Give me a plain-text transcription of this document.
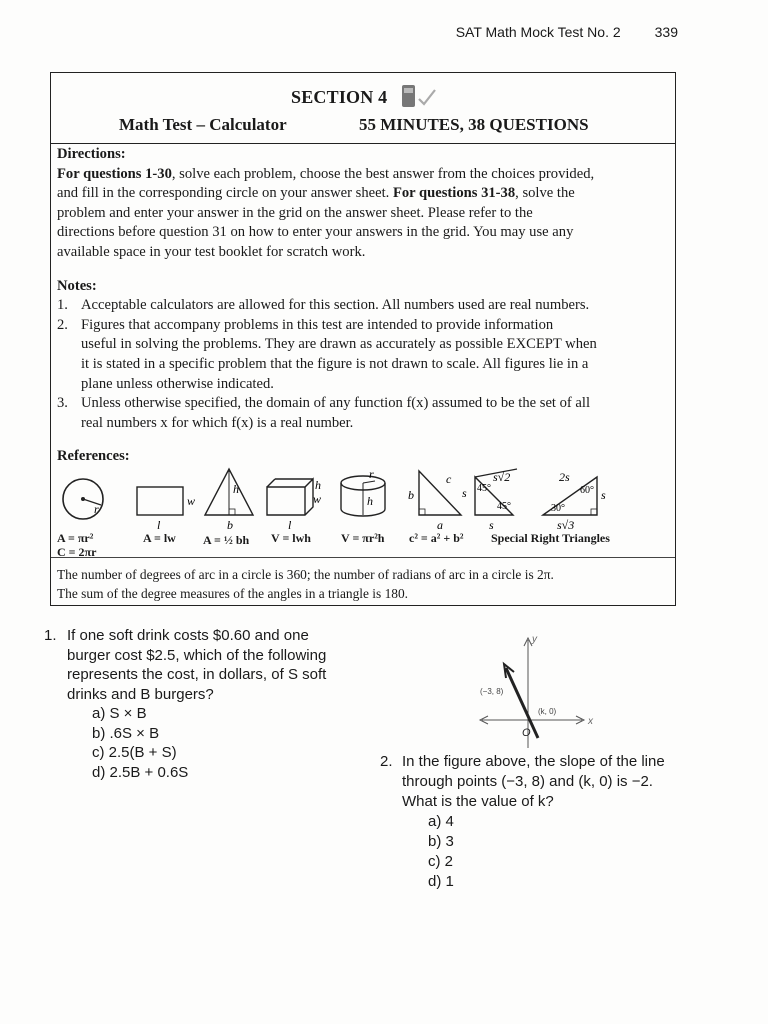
SAT Math Mock Test No. 2 339
SECTION 4
Math Test – Calculator	55 MINUTES, 38 QUESTIONS
Directions:

For questions 1-30, solve each problem, choose the best answer from the choices provided,

and fill in the corresponding circle on your answer sheet. For questions 31-38, solve the

problem and enter your answer in the grid on the answer sheet. Please refer to the

directions before question 31 on how to enter your answers in the grid. You may use any

available space in your test booklet for scratch work.

Notes:
1. Acceptable calculators are allowed for this section. All numbers used are real numbers.
2. Figures that accompany problems in this test are intended to provide information
useful in solving the problems. They are drawn as accurately as possible EXCEPT when
it is stated in a specific problem that the figure is not drawn to scale. All figures lie in a
plane unless otherwise indicated.
3. Unless otherwise specified, the domain of any function f(x) assumed to be the set of all
real numbers x for which f(x) is a real number.
References:
r
w
l
h
b
h
w
l
r
h	b
c
a
s 45°
45°
s√2
s
2s
60°
30°
s
s√3
A = πr²
C = 2πr
A = lw A = ½ bh V = lwh	V = πr²h c² = a² + b² Special Right Triangles
The number of degrees of arc in a circle is 360; the number of radians of arc in a circle is 2π.
The sum of the degree measures of the angles in a triangle is 180.
1. If one soft drink costs $0.60 and one
burger cost $2.5, which of the following
represents the cost, in dollars, of S soft
drinks and B burgers?
a) S × B
b) .6S × B
c) 2.5(B + S)
d) 2.5B + 0.6S
y
x
O
(−3, 8)
(k, 0)
2. In the figure above, the slope of the line
through points (−3, 8) and (k, 0) is −2.
What is the value of k?
a) 4
b) 3
c) 2
d) 1
